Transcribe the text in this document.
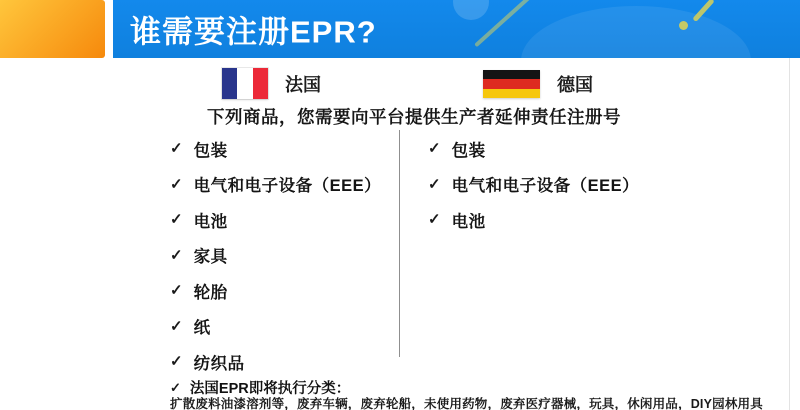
谁需要注册EPR?
法国	德国
下列商品，您需要向平台提供生产者延伸责任注册号
✓ 包装
✓ 电气和电子设备（EEE）
✓ 电池
✓ 家具
✓ 轮胎
✓ 纸
✓ 纺织品
✓ 包装
✓ 电气和电子设备（EEE）
✓ 电池
✓ 法国EPR即将执行分类：
扩散废料油漆溶剂等，废弃车辆，废弃轮船，未使用药物，废弃医疗器械，玩具，休闲用品，DIY园林用具
